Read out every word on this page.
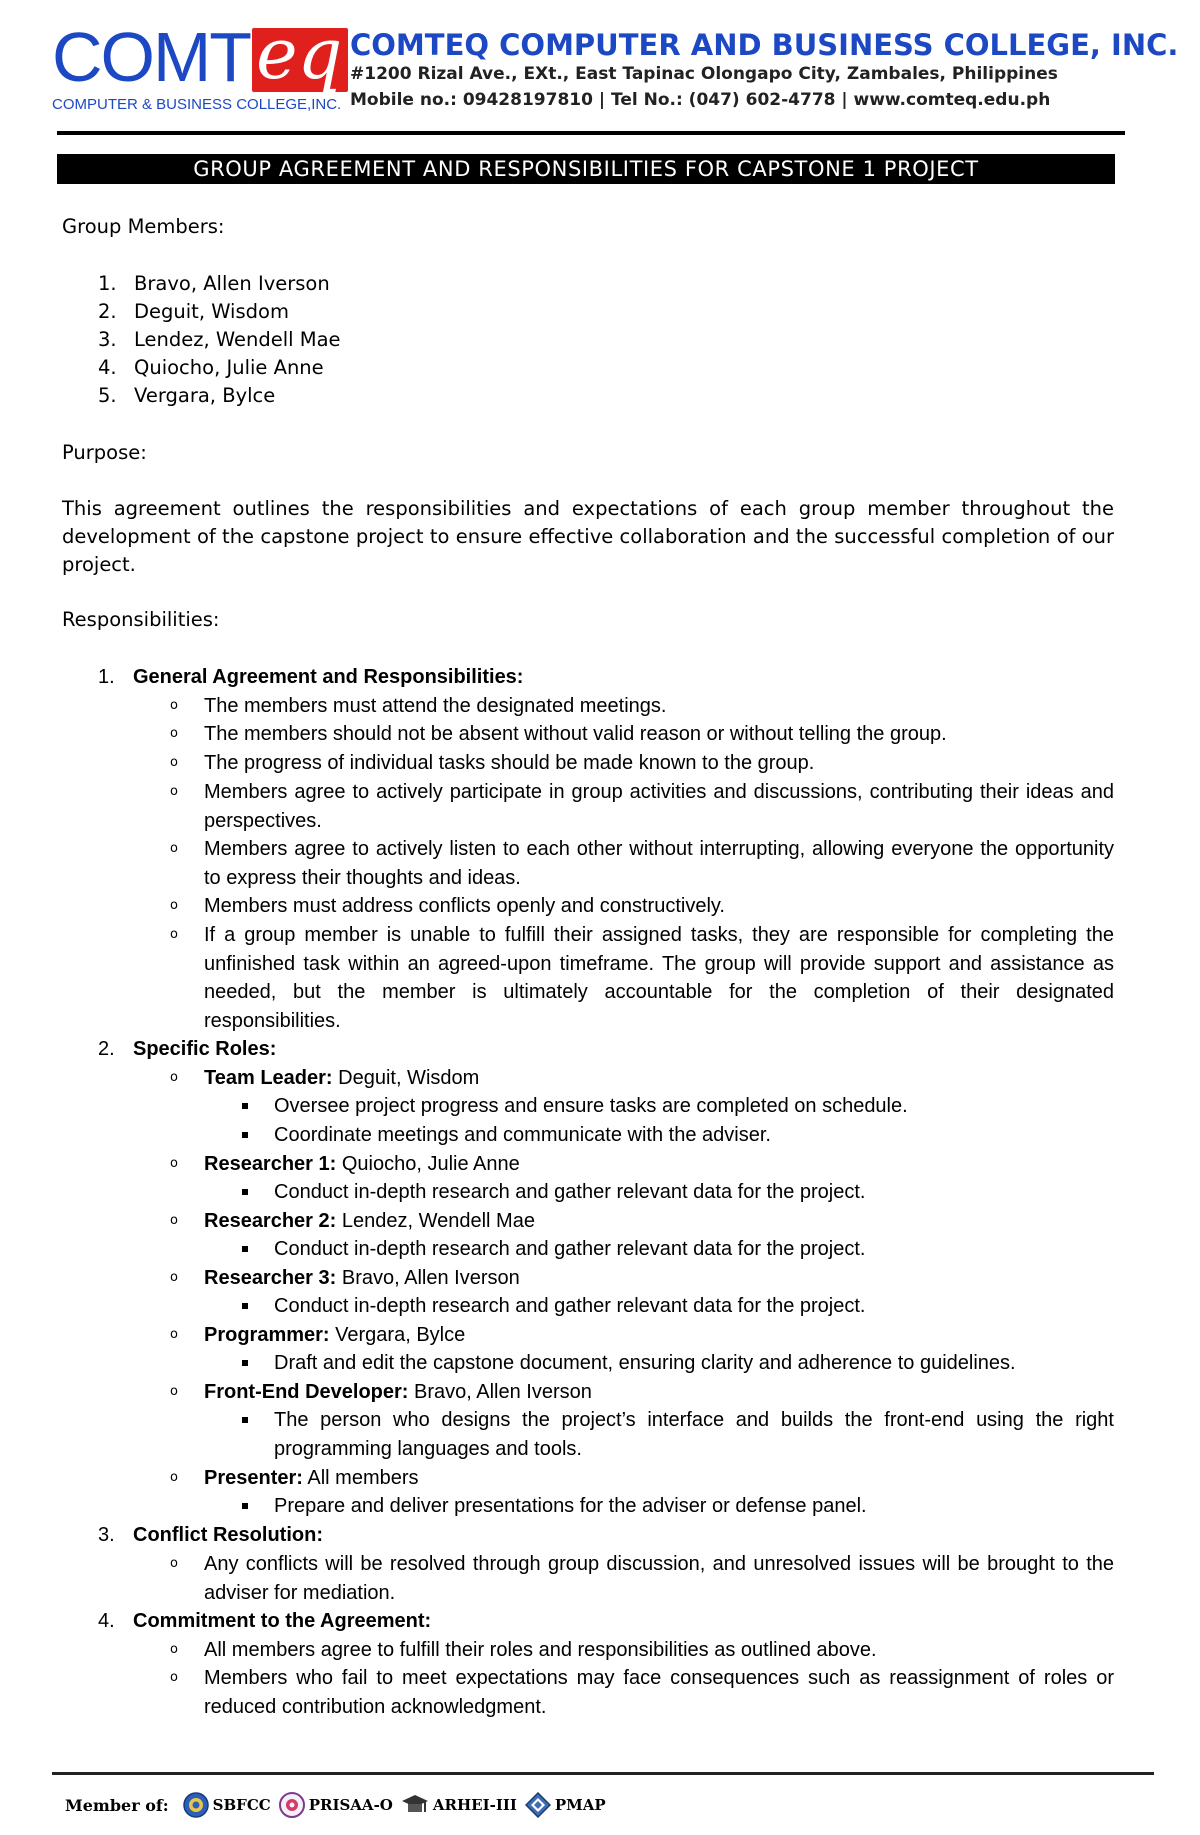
COMT eq
COMPUTER & BUSINESS COLLEGE,INC.
COMTEQ COMPUTER AND BUSINESS COLLEGE, INC.
#1200 Rizal Ave., EXt., East Tapinac Olongapo City, Zambales, Philippines
Mobile no.: 09428197810 | Tel No.: (047) 602-4778 | www.comteq.edu.ph
GROUP AGREEMENT AND RESPONSIBILITIES FOR CAPSTONE 1 PROJECT
Group Members:
1. Bravo, Allen Iverson
2. Deguit, Wisdom
3. Lendez, Wendell Mae
4. Quiocho, Julie Anne
5. Vergara, Bylce
Purpose:
This agreement outlines the responsibilities and expectations of each group member throughout the development of the capstone project to ensure effective collaboration and the successful completion of our project.
Responsibilities:
1. General Agreement and Responsibilities:
o The members must attend the designated meetings.
o The members should not be absent without valid reason or without telling the group.
o The progress of individual tasks should be made known to the group.
o Members agree to actively participate in group activities and discussions, contributing their ideas and perspectives.
o Members agree to actively listen to each other without interrupting, allowing everyone the opportunity to express their thoughts and ideas.
o Members must address conflicts openly and constructively.
o If a group member is unable to fulfill their assigned tasks, they are responsible for completing the unfinished task within an agreed-upon timeframe. The group will provide support and assistance as needed, but the member is ultimately accountable for the completion of their designated responsibilities.
2. Specific Roles:
o Team Leader: Deguit, Wisdom
Oversee project progress and ensure tasks are completed on schedule.
Coordinate meetings and communicate with the adviser.
o Researcher 1: Quiocho, Julie Anne
Conduct in-depth research and gather relevant data for the project.
o Researcher 2: Lendez, Wendell Mae
Conduct in-depth research and gather relevant data for the project.
o Researcher 3: Bravo, Allen Iverson
Conduct in-depth research and gather relevant data for the project.
o Programmer: Vergara, Bylce
Draft and edit the capstone document, ensuring clarity and adherence to guidelines.
o Front-End Developer: Bravo, Allen Iverson
The person who designs the project’s interface and builds the front-end using the right programming languages and tools.
o Presenter: All members
Prepare and deliver presentations for the adviser or defense panel.
3. Conflict Resolution:
o Any conflicts will be resolved through group discussion, and unresolved issues will be brought to the adviser for mediation.
4. Commitment to the Agreement:
o All members agree to fulfill their roles and responsibilities as outlined above.
o Members who fail to meet expectations may face consequences such as reassignment of roles or reduced contribution acknowledgment.
Member of:	SBFCC	PRISAA-O	ARHEI-III	PMAP
